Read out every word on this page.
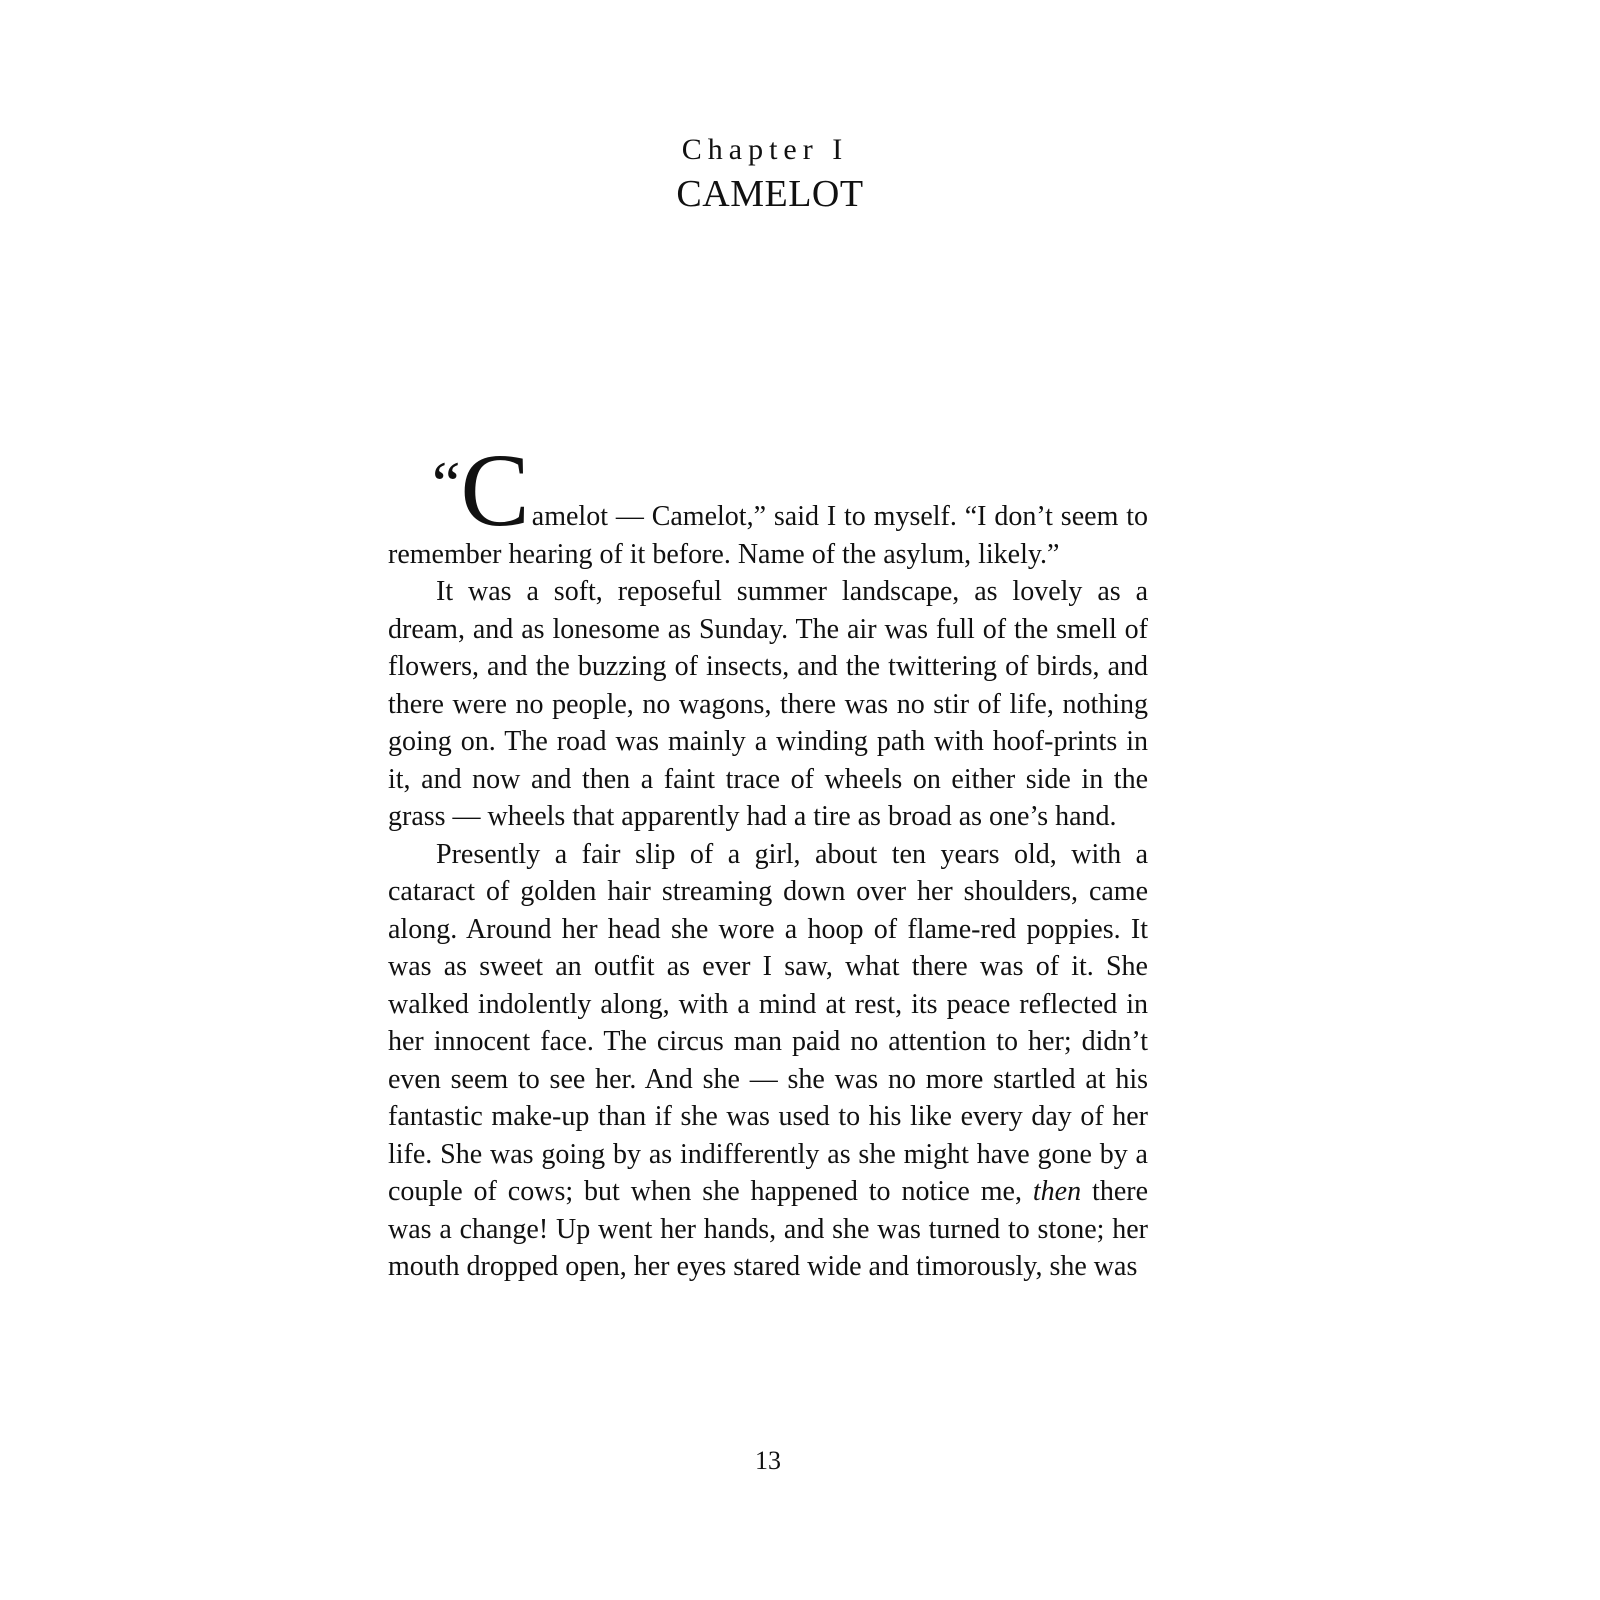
Chapter I
CAMELOT

“Camelot — Camelot,” said I to myself. “I don’t seem to remember hearing of it before. Name of the asylum, likely.”

It was a soft, reposeful summer landscape, as lovely as a dream, and as lonesome as Sunday. The air was full of the smell of flowers, and the buzzing of insects, and the twittering of birds, and there were no people, no wagons, there was no stir of life, nothing going on. The road was mainly a winding path with hoof-prints in it, and now and then a faint trace of wheels on either side in the grass — wheels that apparently had a tire as broad as one’s hand.

Presently a fair slip of a girl, about ten years old, with a cataract of golden hair streaming down over her shoulders, came along. Around her head she wore a hoop of flame-red poppies. It was as sweet an outfit as ever I saw, what there was of it. She walked indolently along, with a mind at rest, its peace reflected in her innocent face. The circus man paid no attention to her; didn’t even seem to see her. And she — she was no more startled at his fantastic make-up than if she was used to his like every day of her life. She was going by as indifferently as she might have gone by a couple of cows; but when she happened to notice me, then there was a change! Up went her hands, and she was turned to stone; her mouth dropped open, her eyes stared wide and timorously, she was

13
